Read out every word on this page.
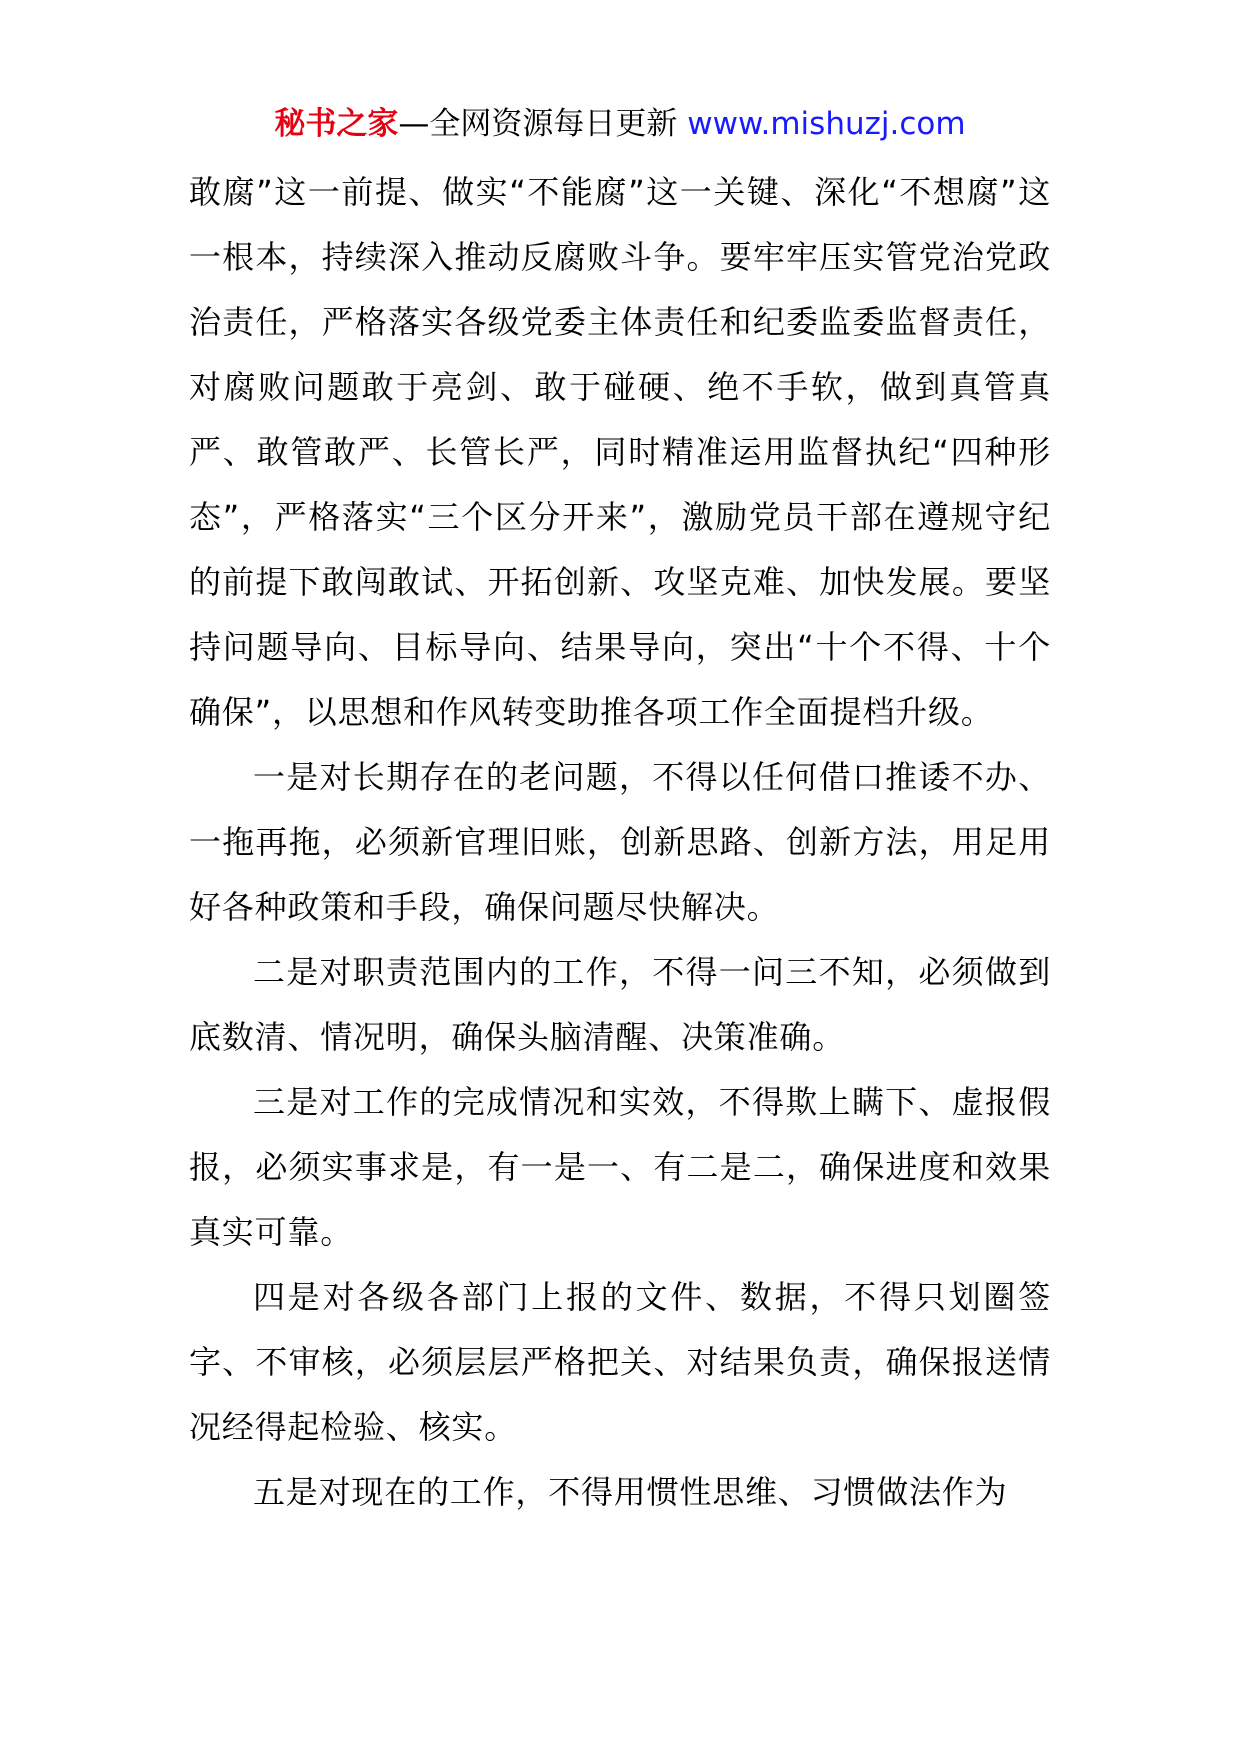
秘书之家—全网资源每日更新 www.mishuzj.com

敢腐”这一前提、做实“不能腐”这一关键、深化“不想腐”这一根本，持续深入推动反腐败斗争。要牢牢压实管党治党政治责任，严格落实各级党委主体责任和纪委监委监督责任，对腐败问题敢于亮剑、敢于碰硬、绝不手软，做到真管真严、敢管敢严、长管长严，同时精准运用监督执纪“四种形态”，严格落实“三个区分开来”，激励党员干部在遵规守纪的前提下敢闯敢试、开拓创新、攻坚克难、加快发展。要坚持问题导向、目标导向、结果导向，突出“十个不得、十个确保”，以思想和作风转变助推各项工作全面提档升级。

一是对长期存在的老问题，不得以任何借口推诿不办、一拖再拖，必须新官理旧账，创新思路、创新方法，用足用好各种政策和手段，确保问题尽快解决。

二是对职责范围内的工作，不得一问三不知，必须做到底数清、情况明，确保头脑清醒、决策准确。

三是对工作的完成情况和实效，不得欺上瞒下、虚报假报，必须实事求是，有一是一、有二是二，确保进度和效果真实可靠。

四是对各级各部门上报的文件、数据，不得只划圈签字、不审核，必须层层严格把关、对结果负责，确保报送情况经得起检验、核实。

五是对现在的工作，不得用惯性思维、习惯做法作为
